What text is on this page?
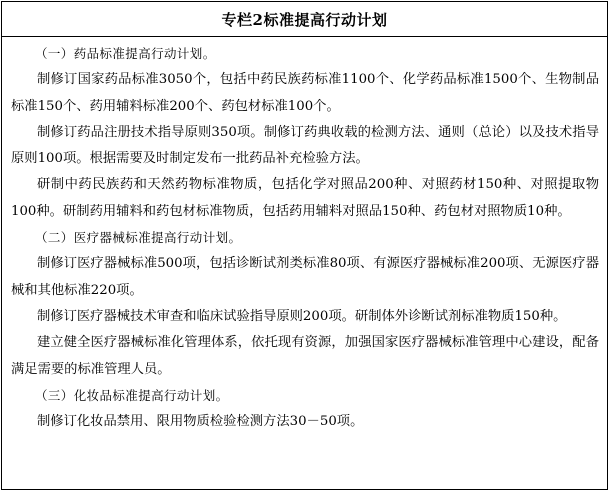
专栏2标准提高行动计划
（一）药品标准提高行动计划。
制修订国家药品标准3050个，包括中药民族药标准1100个、化学药品标准1500个、生物制品标准150个、药用辅料标准200个、药包材标准100个。
制修订药品注册技术指导原则350项。制修订药典收载的检测方法、通则（总论）以及技术指导原则100项。根据需要及时制定发布一批药品补充检验方法。
研制中药民族药和天然药物标准物质，包括化学对照品200种、对照药材150种、对照提取物100种。研制药用辅料和药包材标准物质，包括药用辅料对照品150种、药包材对照物质10种。
（二）医疗器械标准提高行动计划。
制修订医疗器械标准500项，包括诊断试剂类标准80项、有源医疗器械标准200项、无源医疗器械和其他标准220项。
制修订医疗器械技术审查和临床试验指导原则200项。研制体外诊断试剂标准物质150种。
建立健全医疗器械标准化管理体系，依托现有资源，加强国家医疗器械标准管理中心建设，配备满足需要的标准管理人员。
（三）化妆品标准提高行动计划。
制修订化妆品禁用、限用物质检验检测方法30－50项。
